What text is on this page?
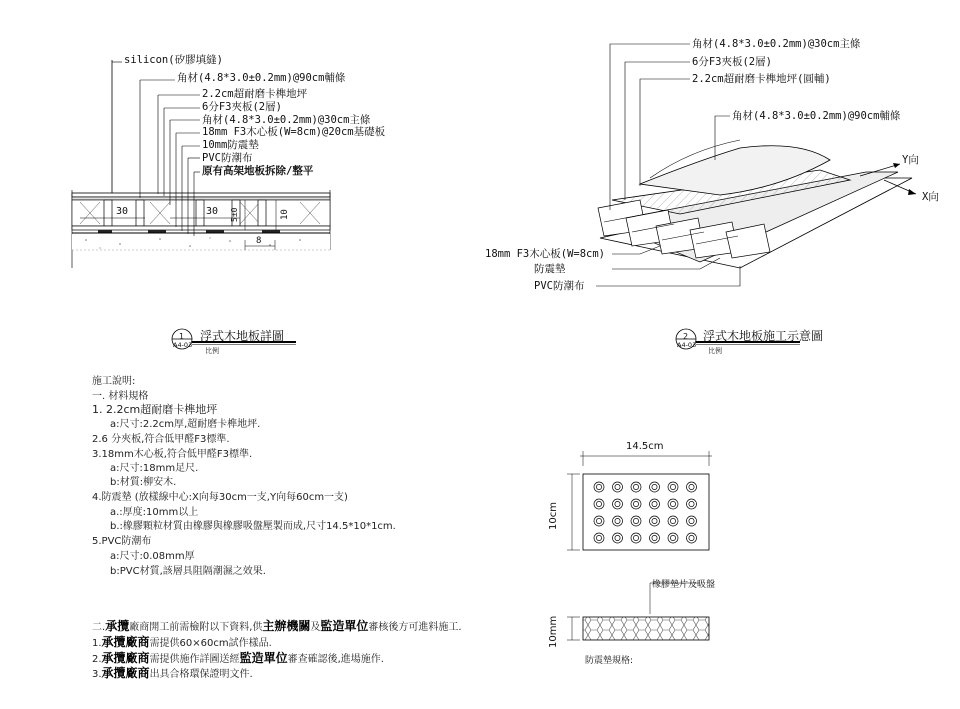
silicon(矽膠填縫)
角材(4.8*3.0±0.2mm)@90cm輔條
2.2cm超耐磨卡榫地坪
6分F3夾板(2層)
角材(4.8*3.0±0.2mm)@30cm主條
18mm F3木心板(W=8cm)@20cm基礎板
10mm防震墊
PVC防潮布
原有高架地板拆除/整平
30	30 5±0	10
8
1
A4-03
浮式木地板詳圖
比例
角材(4.8*3.0±0.2mm)@30cm主條
6分F3夾板(2層)
2.2cm超耐磨卡榫地坪(圓輔)
角材(4.8*3.0±0.2mm)@90cm輔條
18mm F3木心板(W=8cm)
防震墊
PVC防潮布
Y向
X向
2
A4-03
浮式木地板施工示意圖
比例
施工說明:
一. 材料規格
1. 2.2cm超耐磨卡榫地坪
a:尺寸:2.2cm厚,超耐磨卡榫地坪.
2.6 分夾板,符合低甲醛F3標準.
3.18mm木心板,符合低甲醛F3標準.
a:尺寸:18mm足尺.
b:材質:柳安木.
4.防震墊 (放樣線中心:X向每30cm一支,Y向每60cm一支)
a.:厚度:10mm以上
b.:橡膠顆粒材質由橡膠與橡膠吸盤壓製而成,尺寸14.5*10*1cm.
5.PVC防潮布
a:尺寸:0.08mm厚
b:PVC材質,該層具阻隔潮濕之效果.
二.承攬廠商開工前需檢附以下資料,供主辦機關及監造單位審核後方可進料施工.
1.承攬廠商需提供60×60cm試作樣品.
2.承攬廠商需提供施作詳圖送經監造單位審查確認後,進場施作.
3.承攬廠商出具合格環保證明文件.
14.5cm
10cm
10mm
橡膠墊片及吸盤
防震墊規格:
